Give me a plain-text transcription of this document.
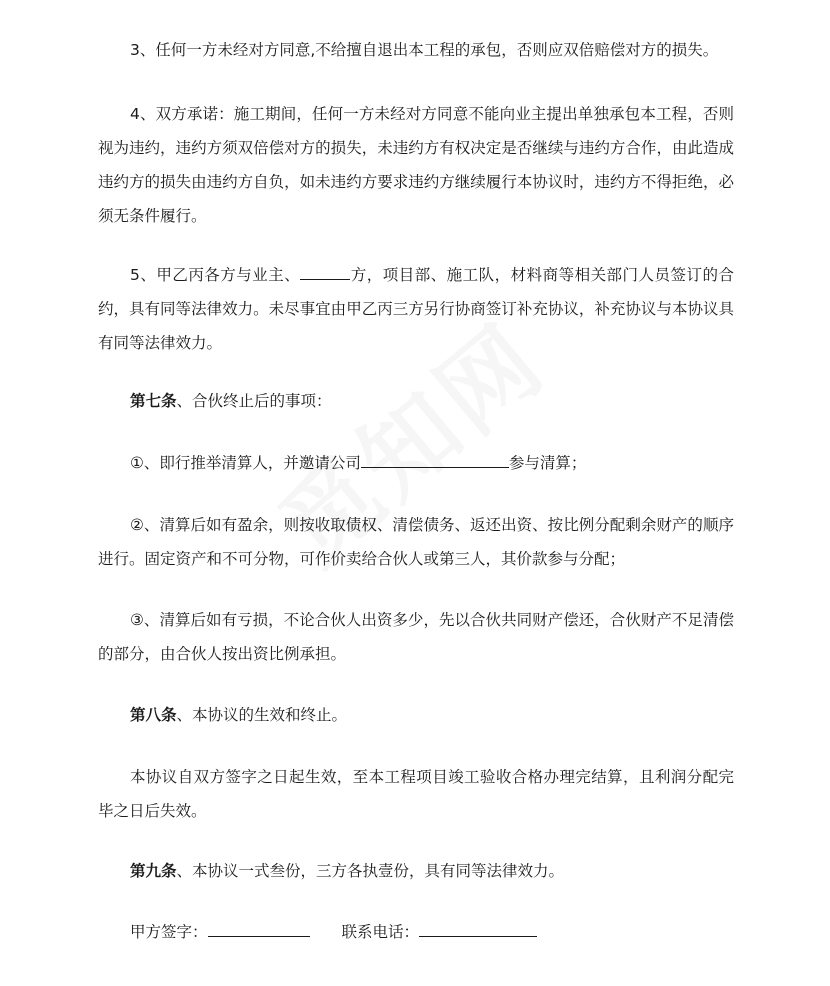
3、任何一方未经对方同意,不给擅自退出本工程的承包，否则应双倍赔偿对方的损失。

4、双方承诺：施工期间，任何一方未经对方同意不能向业主提出单独承包本工程，否则视为违约，违约方须双倍偿对方的损失，未违约方有权决定是否继续与违约方合作，由此造成违约方的损失由违约方自负，如未违约方要求违约方继续履行本协议时，违约方不得拒绝，必须无条件履行。

5、甲乙丙各方与业主、	方，项目部、施工队，材料商等相关部门人员签订的合约，具有同等法律效力。未尽事宜由甲乙丙三方另行协商签订补充协议，补充协议与本协议具有同等法律效力。

第七条、合伙终止后的事项：

①、即行推举清算人，并邀请公司	参与清算；

②、清算后如有盈余，则按收取债权、清偿债务、返还出资、按比例分配剩余财产的顺序进行。固定资产和不可分物，可作价卖给合伙人或第三人，其价款参与分配；

③、清算后如有亏损，不论合伙人出资多少，先以合伙共同财产偿还，合伙财产不足清偿的部分，由合伙人按出资比例承担。

第八条、本协议的生效和终止。

本协议自双方签字之日起生效，至本工程项目竣工验收合格办理完结算，且利润分配完毕之日后失效。

第九条、本协议一式叁份，三方各执壹份，具有同等法律效力。

甲方签字：	联系电话：
